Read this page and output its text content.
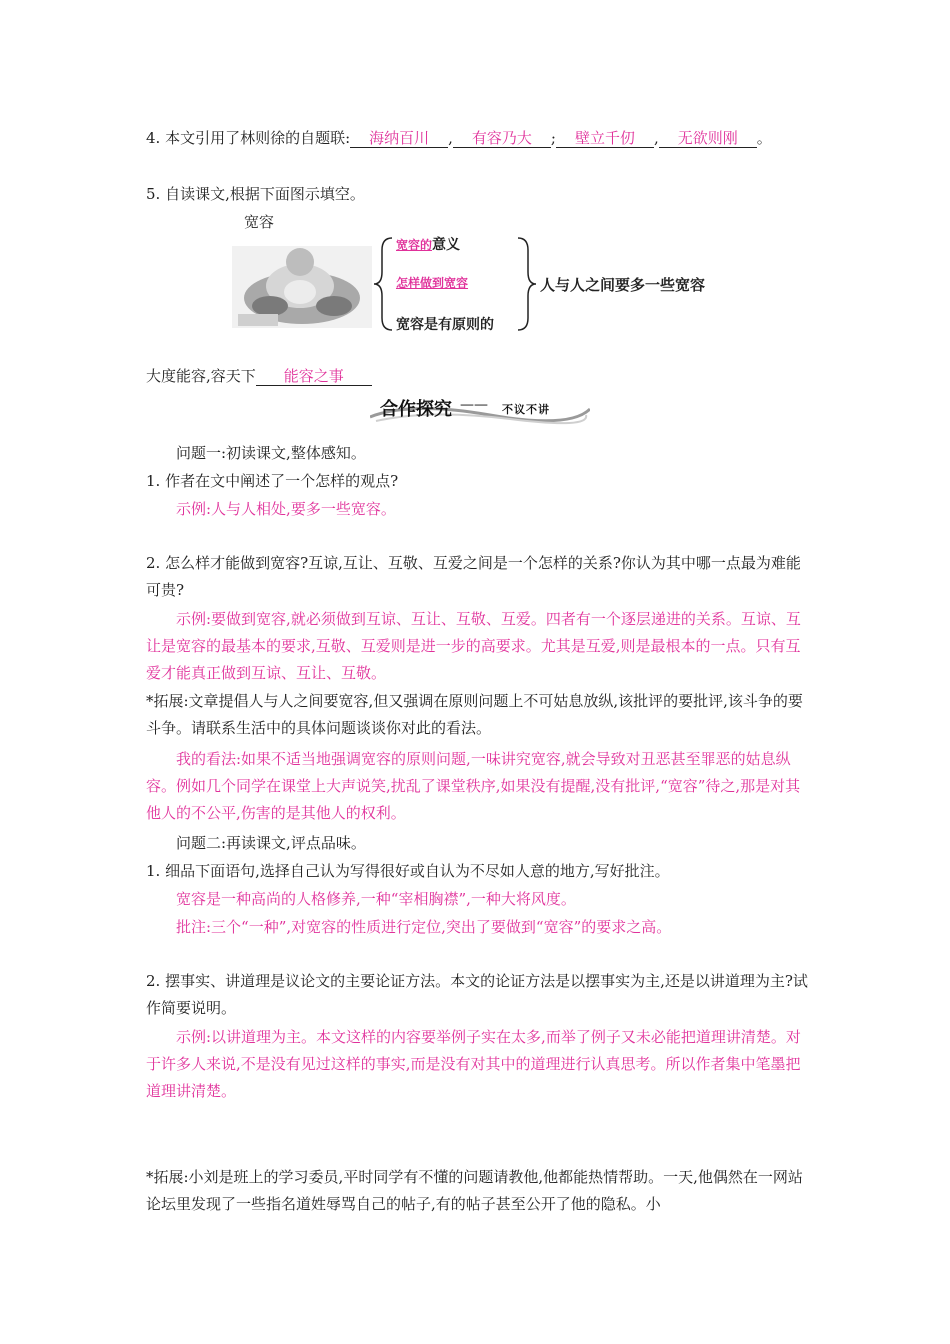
4. 本文引用了林则徐的自题联: 海纳百川 , 有容乃大 ; 壁立千仞 , 无欲则刚 。
5. 自读课文,根据下面图示填空。
宽容
宽容的意义
怎样做到宽容
宽容是有原则的
人与人之间要多一些宽容
大度能容,容天下 能容之事
合作探究 —— 不议不讲
问题一:初读课文,整体感知。
1. 作者在文中阐述了一个怎样的观点?
示例:人与人相处,要多一些宽容。
2. 怎么样才能做到宽容?互谅,互让、互敬、互爱之间是一个怎样的关系?你认为其中哪一点最为难能可贵?
示例:要做到宽容,就必须做到互谅、互让、互敬、互爱。四者有一个逐层递进的关系。互谅、互让是宽容的最基本的要求,互敬、互爱则是进一步的高要求。尤其是互爱,则是最根本的一点。只有互爱才能真正做到互谅、互让、互敬。
*拓展:文章提倡人与人之间要宽容,但又强调在原则问题上不可姑息放纵,该批评的要批评,该斗争的要斗争。请联系生活中的具体问题谈谈你对此的看法。
我的看法:如果不适当地强调宽容的原则问题,一味讲究宽容,就会导致对丑恶甚至罪恶的姑息纵容。例如几个同学在课堂上大声说笑,扰乱了课堂秩序,如果没有提醒,没有批评,“宽容”待之,那是对其他人的不公平,伤害的是其他人的权利。
问题二:再读课文,评点品味。
1. 细品下面语句,选择自己认为写得很好或自认为不尽如人意的地方,写好批注。
宽容是一种高尚的人格修养,一种“宰相胸襟”,一种大将风度。
批注:三个“一种”,对宽容的性质进行定位,突出了要做到“宽容”的要求之高。
2. 摆事实、讲道理是议论文的主要论证方法。本文的论证方法是以摆事实为主,还是以讲道理为主?试作简要说明。
示例:以讲道理为主。本文这样的内容要举例子实在太多,而举了例子又未必能把道理讲清楚。对于许多人来说,不是没有见过这样的事实,而是没有对其中的道理进行认真思考。所以作者集中笔墨把道理讲清楚。
*拓展:小刘是班上的学习委员,平时同学有不懂的问题请教他,他都能热情帮助。一天,他偶然在一网站论坛里发现了一些指名道姓辱骂自己的帖子,有的帖子甚至公开了他的隐私。小
